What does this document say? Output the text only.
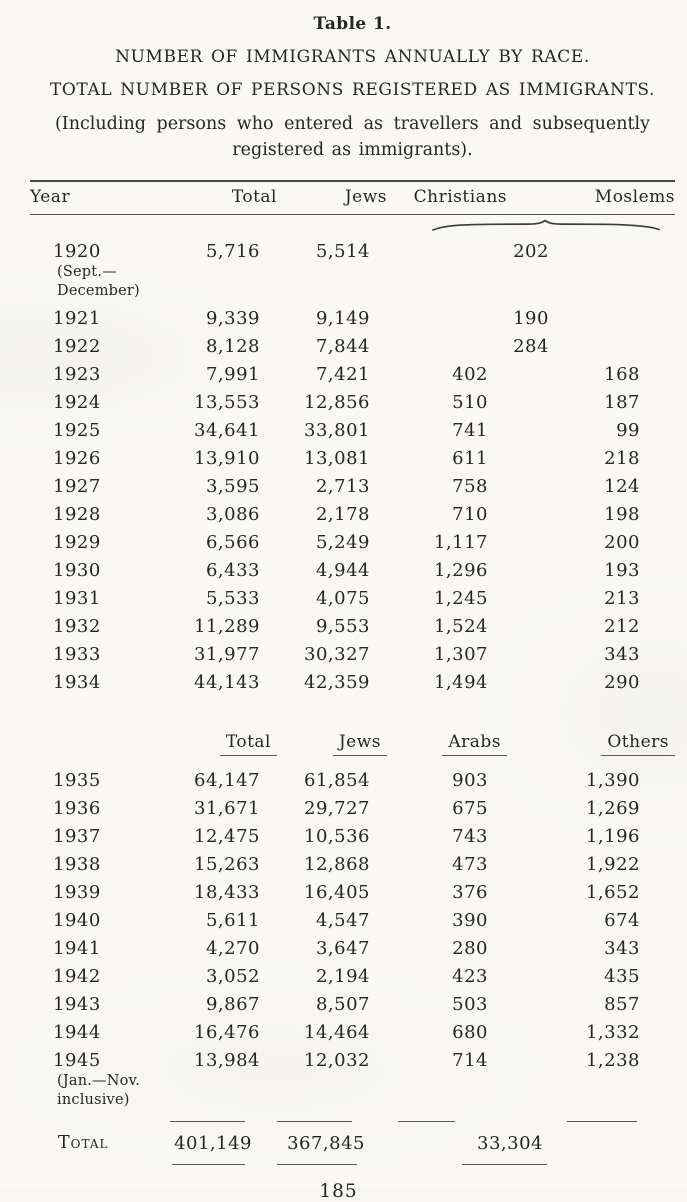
Table 1.
NUMBER OF IMMIGRANTS ANNUALLY BY RACE.
TOTAL NUMBER OF PERSONS REGISTERED AS IMMIGRANTS.
(Including persons who entered as travellers and subsequently
registered as immigrants).
Year	Total	Jews	Christians	Moslems

1920
(Sept.—
December)	5,716	5,514	202	
1921	9,339	9,149	190	
1922	8,128	7,844	284	
1923	7,991	7,421	402	168
1924	13,553	12,856	510	187
1925	34,641	33,801	741	99
1926	13,910	13,081	611	218
1927	3,595	2,713	758	124
1928	3,086	2,178	710	198
1929	6,566	5,249	1,117	200
1930	6,433	4,944	1,296	193
1931	5,533	4,075	1,245	213
1932	11,289	9,553	1,524	212
1933	31,977	30,327	1,307	343
1934	44,143	42,359	1,494	290

	Total	Jews	Arabs	Others
1935	64,147	61,854	903	1,390
1936	31,671	29,727	675	1,269
1937	12,475	10,536	743	1,196
1938	15,263	12,868	473	1,922
1939	18,433	16,405	376	1,652
1940	5,611	4,547	390	674
1941	4,270	3,647	280	343
1942	3,052	2,194	423	435
1943	9,867	8,507	503	857
1944	16,476	14,464	680	1,332
1945
(Jan.—Nov.
inclusive)	13,984	12,032	714	1,238

Total	401,149	367,845	33,304	

185
